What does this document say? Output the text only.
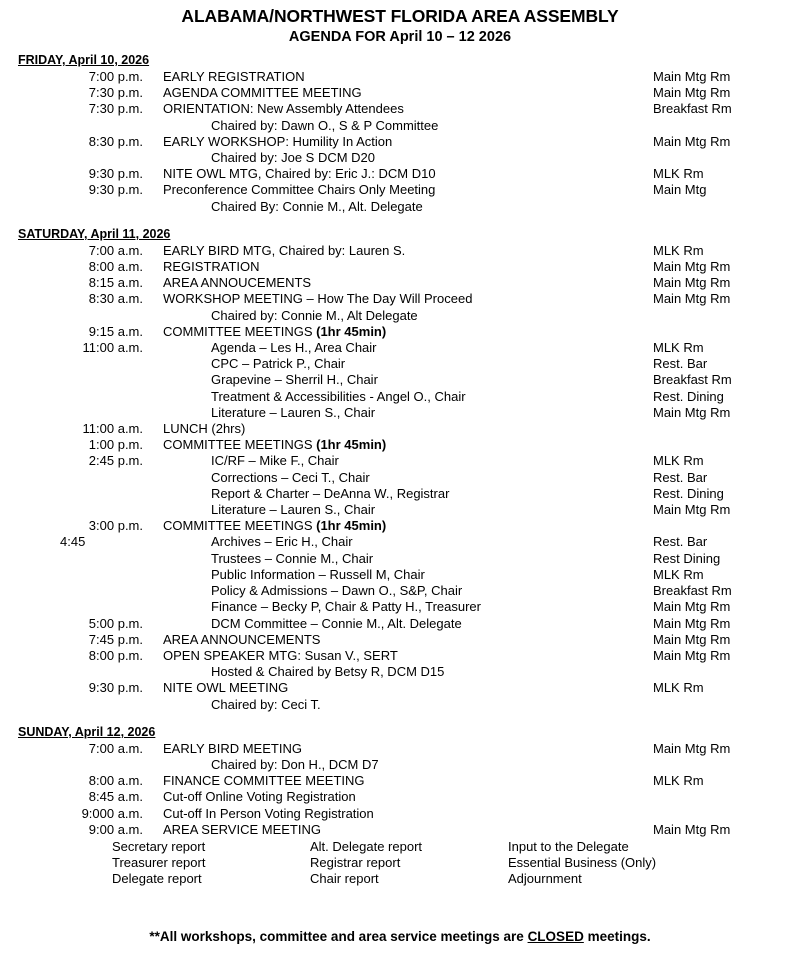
ALABAMA/NORTHWEST FLORIDA AREA ASSEMBLY
AGENDA FOR April 10 – 12 2026
FRIDAY, April 10, 2026
7:00 p.m.	EARLY REGISTRATION	Main Mtg Rm
7:30 p.m.	AGENDA COMMITTEE MEETING	Main Mtg Rm
7:30 p.m.	ORIENTATION: New Assembly Attendees	Breakfast Rm
Chaired by: Dawn O., S & P Committee
8:30 p.m.	EARLY WORKSHOP: Humility In Action	Main Mtg Rm
Chaired by: Joe S DCM D20
9:30 p.m.	NITE OWL MTG, Chaired by: Eric J.: DCM D10	MLK Rm
9:30 p.m.	Preconference Committee Chairs Only Meeting	Main Mtg
Chaired By: Connie M., Alt. Delegate
SATURDAY, April 11, 2026
7:00 a.m.	EARLY BIRD MTG, Chaired by: Lauren S.	MLK Rm
8:00 a.m.	REGISTRATION	Main Mtg Rm
8:15 a.m.	AREA ANNOUCEMENTS	Main Mtg Rm
8:30 a.m.	WORKSHOP MEETING – How The Day Will Proceed	Main Mtg Rm
Chaired by: Connie M., Alt Delegate
9:15 a.m.	COMMITTEE MEETINGS (1hr 45min)
11:00 a.m.	Agenda – Les H., Area Chair	MLK Rm
CPC – Patrick P., Chair	Rest. Bar
Grapevine – Sherril H., Chair	Breakfast Rm
Treatment & Accessibilities - Angel O., Chair	Rest. Dining
Literature – Lauren S., Chair	Main Mtg Rm
11:00 a.m.	LUNCH (2hrs)
1:00 p.m.	COMMITTEE MEETINGS (1hr 45min)
2:45 p.m.	IC/RF – Mike F., Chair	MLK Rm
Corrections – Ceci T., Chair	Rest. Bar
Report & Charter – DeAnna W., Registrar	Rest. Dining
Literature – Lauren S., Chair	Main Mtg Rm
3:00 p.m.	COMMITTEE MEETINGS (1hr 45min)
4:45	Archives – Eric H., Chair	Rest. Bar
Trustees – Connie M., Chair	Rest Dining
Public Information – Russell M, Chair	MLK Rm
Policy & Admissions – Dawn O., S&P, Chair	Breakfast Rm
Finance – Becky P, Chair & Patty H., Treasurer	Main Mtg Rm
5:00 p.m.	DCM Committee – Connie M., Alt. Delegate	Main Mtg Rm
7:45 p.m.	AREA ANNOUNCEMENTS	Main Mtg Rm
8:00 p.m.	OPEN SPEAKER MTG: Susan V., SERT	Main Mtg Rm
Hosted & Chaired by Betsy R, DCM D15
9:30 p.m.	NITE OWL MEETING	MLK Rm
Chaired by: Ceci T.
SUNDAY, April 12, 2026
7:00 a.m.	EARLY BIRD MEETING	Main Mtg Rm
Chaired by: Don H., DCM D7
8:00 a.m.	FINANCE COMMITTEE MEETING	MLK Rm
8:45 a.m.	Cut-off Online Voting Registration
9:000 a.m.	Cut-off In Person Voting Registration
9:00 a.m.	AREA SERVICE MEETING	Main Mtg Rm
Secretary report	Alt. Delegate report	Input to the Delegate
Treasurer report	Registrar report	Essential Business (Only)
Delegate report	Chair report	Adjournment
**All workshops, committee and area service meetings are CLOSED meetings.
